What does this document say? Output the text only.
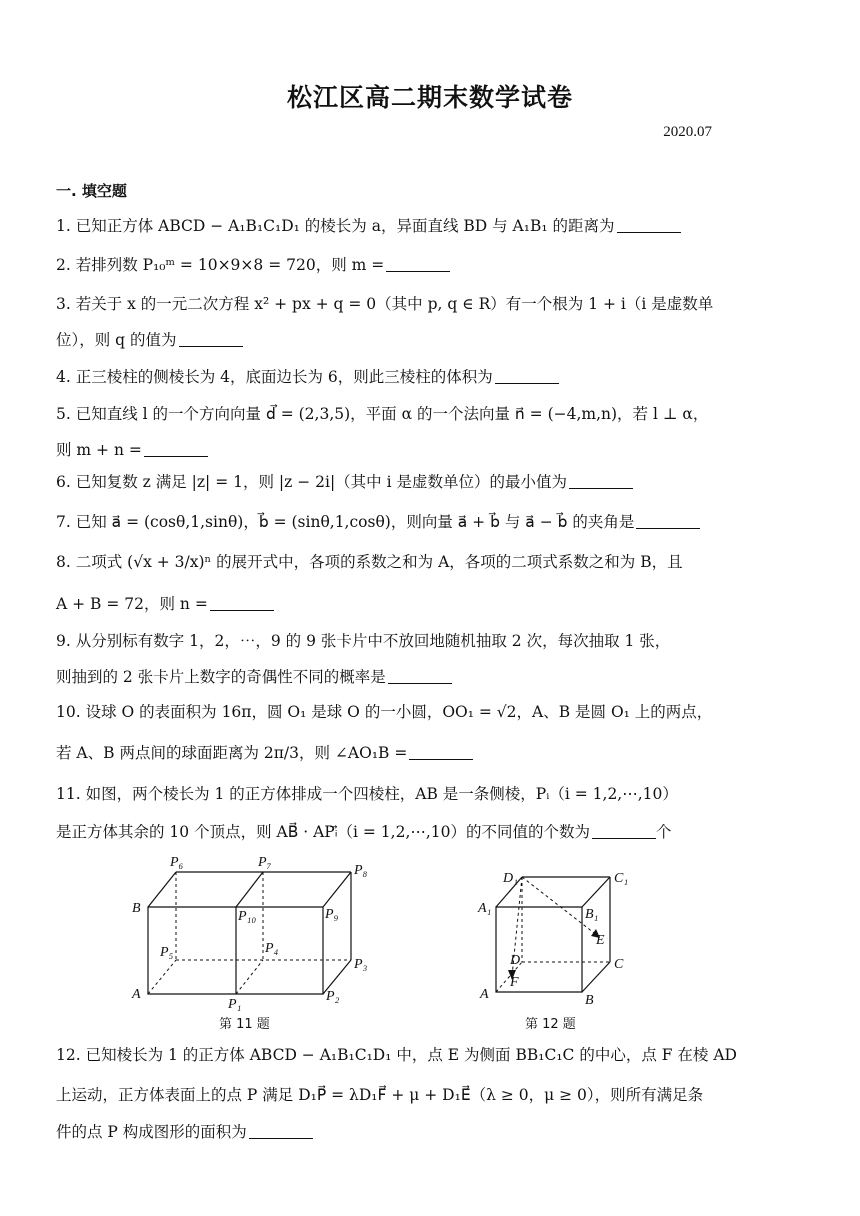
松江区高二期末数学试卷
2020.07
一. 填空题
1. 已知正方体 ABCD − A₁B₁C₁D₁ 的棱长为 a，异面直线 BD 与 A₁B₁ 的距离为
2. 若排列数 P₁₀ᵐ = 10×9×8 = 720，则 m =
3. 若关于 x 的一元二次方程 x² + px + q = 0（其中 p, q ∈ R）有一个根为 1 + i（i 是虚数单
位），则 q 的值为
4. 正三棱柱的侧棱长为 4，底面边长为 6，则此三棱柱的体积为
5. 已知直线 l 的一个方向向量 d⃗ = (2,3,5)，平面 α 的一个法向量 n⃗ = (−4,m,n)，若 l ⊥ α，
则 m + n =
6. 已知复数 z 满足 |z| = 1，则 |z − 2i|（其中 i 是虚数单位）的最小值为
7. 已知 a⃗ = (cosθ,1,sinθ)，b⃗ = (sinθ,1,cosθ)，则向量 a⃗ + b⃗ 与 a⃗ − b⃗ 的夹角是
8. 二项式 (√x + 3/x)ⁿ 的展开式中，各项的系数之和为 A，各项的二项式系数之和为 B，且
A + B = 72，则 n =
9. 从分别标有数字 1，2，⋯，9 的 9 张卡片中不放回地随机抽取 2 次，每次抽取 1 张，
则抽到的 2 张卡片上数字的奇偶性不同的概率是
10. 设球 O 的表面积为 16π，圆 O₁ 是球 O 的一小圆，OO₁ = √2，A、B 是圆 O₁ 上的两点，
若 A、B 两点间的球面距离为 2π/3，则 ∠AO₁B =
11. 如图，两个棱长为 1 的正方体排成一个四棱柱，AB 是一条侧棱，Pᵢ（i = 1,2,⋯,10）
是正方体其余的 10 个顶点，则 AB⃗ · APᵢ⃗（i = 1,2,⋯,10）的不同值的个数为	个
P₆	P₇
P₈
B
P₁₀	P₉
P₅	P₄
P₃
A
P₁
P₂
第 11 题
D₁	C₁
A₁	B₁
E
D	C
F
A	B
第 12 题
12. 已知棱长为 1 的正方体 ABCD − A₁B₁C₁D₁ 中，点 E 为侧面 BB₁C₁C 的中心，点 F 在棱 AD
上运动，正方体表面上的点 P 满足 D₁P⃗ = λD₁F⃗ + μ + D₁E⃗（λ ≥ 0，μ ≥ 0），则所有满足条
件的点 P 构成图形的面积为
